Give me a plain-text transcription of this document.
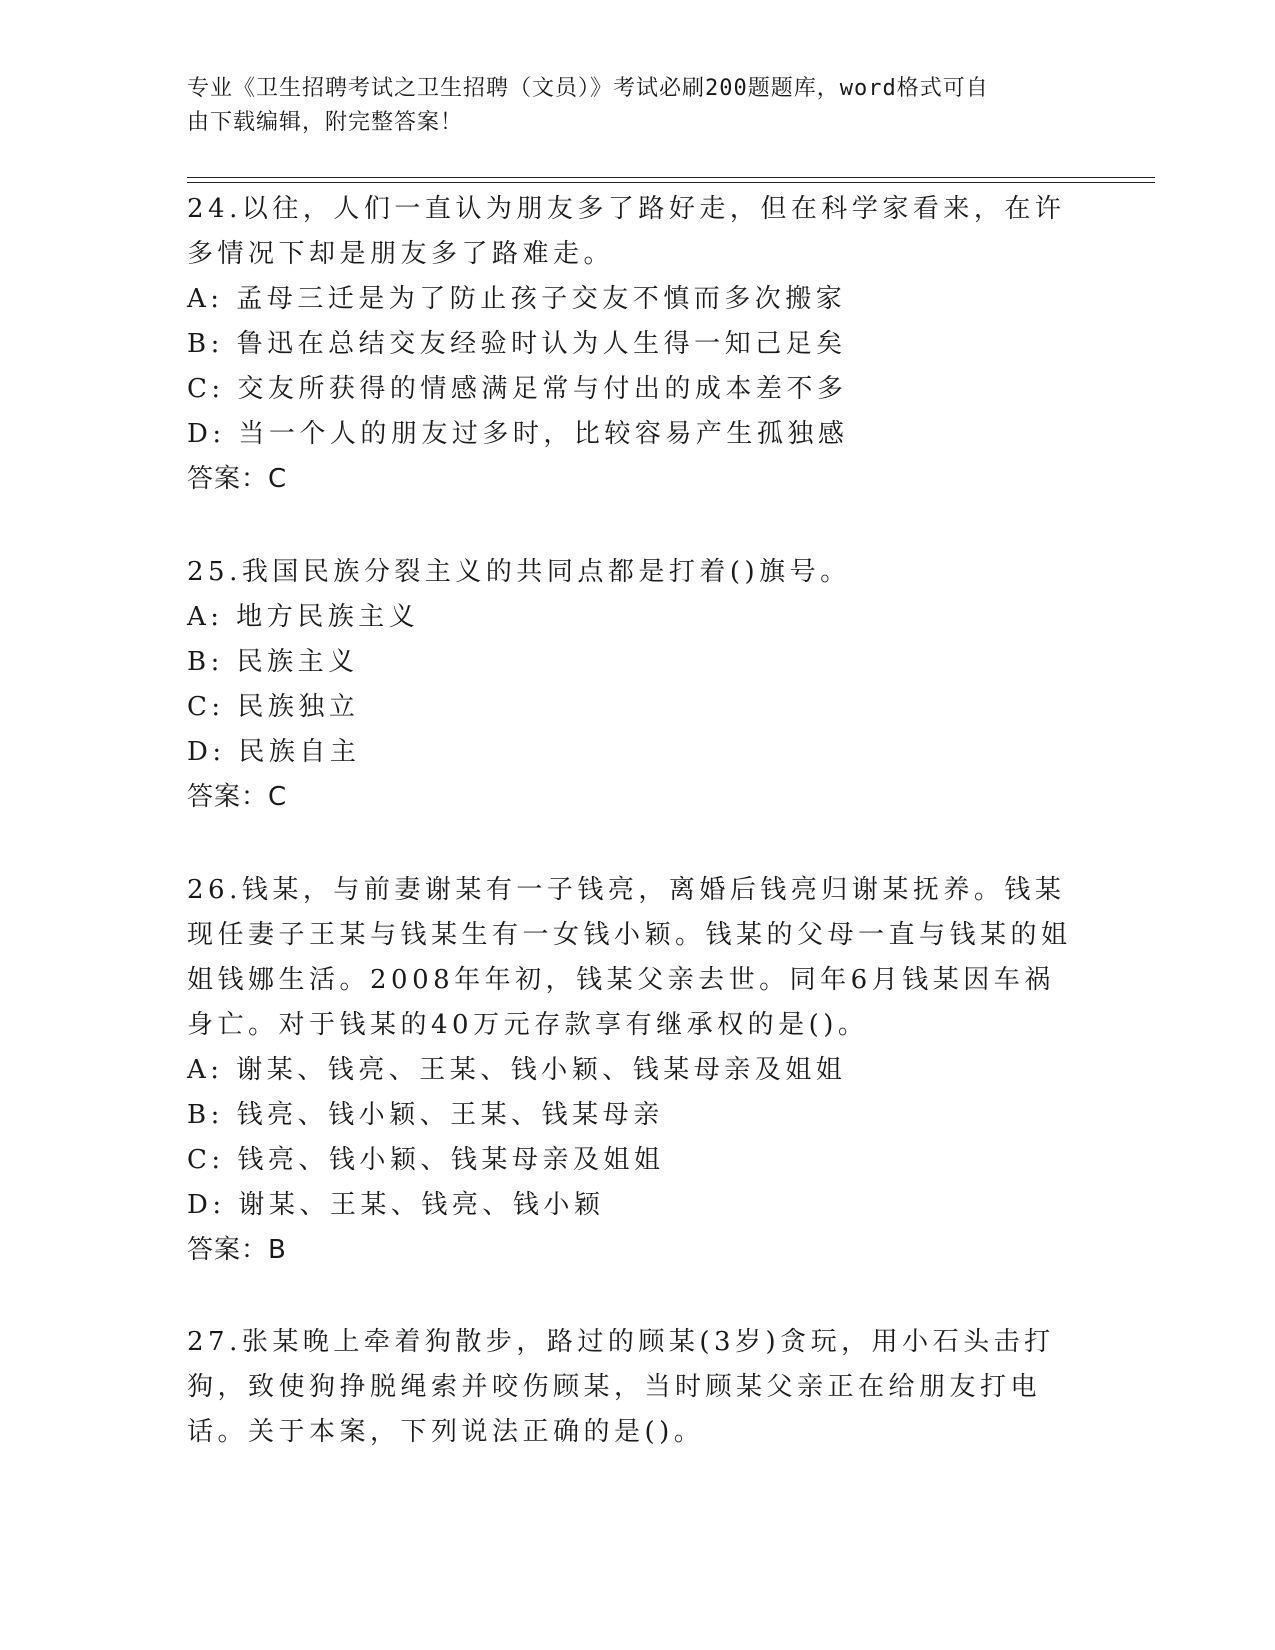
专业《卫生招聘考试之卫生招聘（文员）》考试必刷200题题库，word格式可自
由下载编辑，附完整答案！

24.以往，人们一直认为朋友多了路好走，但在科学家看来，在许多情况下却是朋友多了路难走。

A: 孟母三迁是为了防止孩子交友不慎而多次搬家

B: 鲁迅在总结交友经验时认为人生得一知己足矣

C: 交友所获得的情感满足常与付出的成本差不多

D: 当一个人的朋友过多时，比较容易产生孤独感

答案：C

25.我国民族分裂主义的共同点都是打着()旗号。

A: 地方民族主义

B: 民族主义

C: 民族独立

D: 民族自主

答案：C

26.钱某，与前妻谢某有一子钱亮，离婚后钱亮归谢某抚养。钱某现任妻子王某与钱某生有一女钱小颖。钱某的父母一直与钱某的姐姐钱娜生活。2008年年初，钱某父亲去世。同年6月钱某因车祸身亡。对于钱某的40万元存款享有继承权的是()。

A: 谢某、钱亮、王某、钱小颖、钱某母亲及姐姐

B: 钱亮、钱小颖、王某、钱某母亲

C: 钱亮、钱小颖、钱某母亲及姐姐

D: 谢某、王某、钱亮、钱小颖

答案：B

27.张某晚上牵着狗散步，路过的顾某(3岁)贪玩，用小石头击打狗，致使狗挣脱绳索并咬伤顾某，当时顾某父亲正在给朋友打电话。关于本案，下列说法正确的是()。
